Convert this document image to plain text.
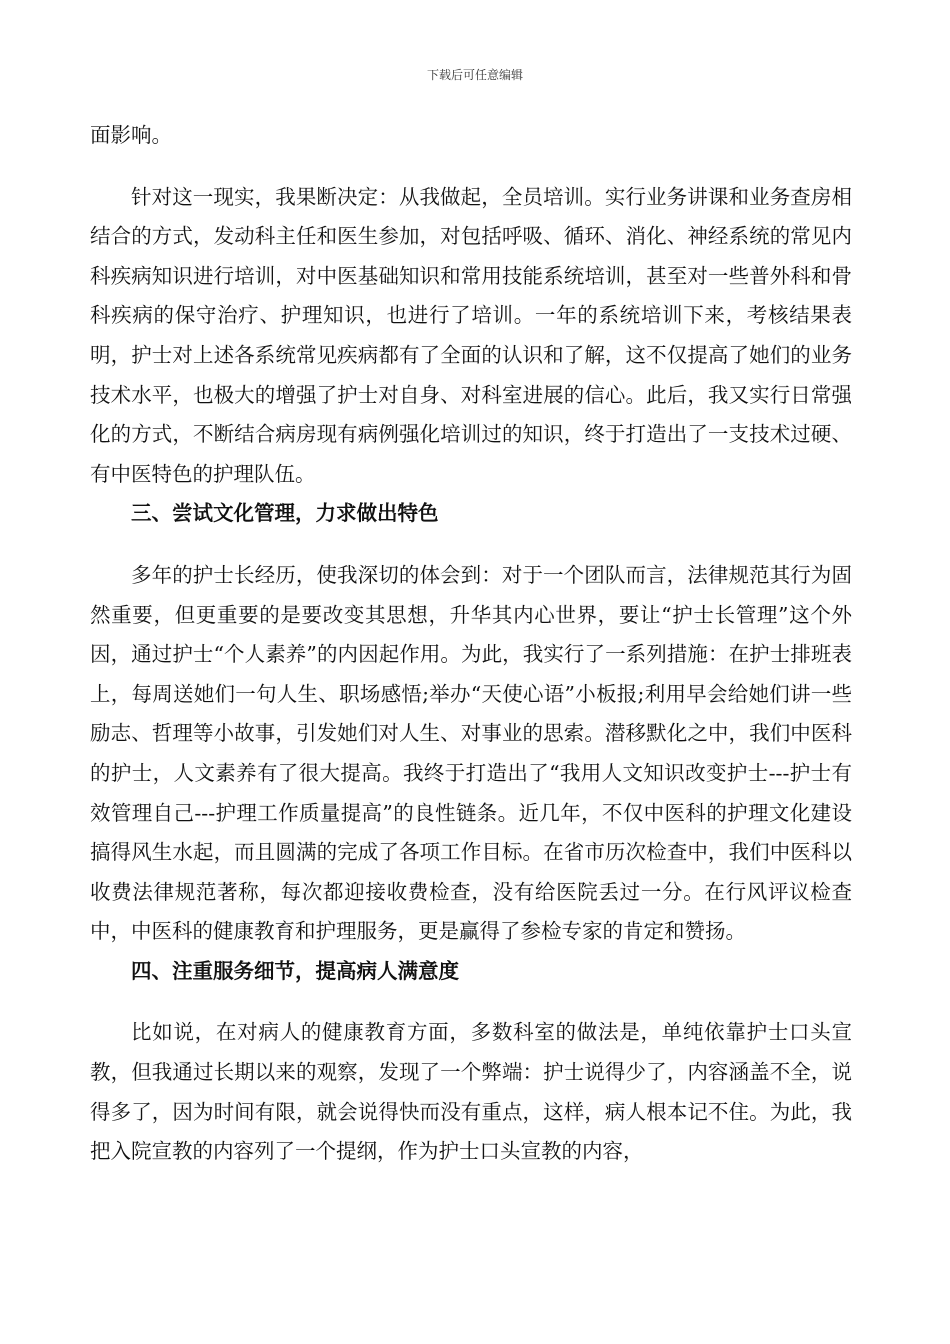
下载后可任意编辑

面影响。

针对这一现实，我果断决定：从我做起，全员培训。实行业务讲课和业务查房相结合的方式，发动科主任和医生参加，对包括呼吸、循环、消化、神经系统的常见内科疾病知识进行培训，对中医基础知识和常用技能系统培训，甚至对一些普外科和骨科疾病的保守治疗、护理知识，也进行了培训。一年的系统培训下来，考核结果表明，护士对上述各系统常见疾病都有了全面的认识和了解，这不仅提高了她们的业务技术水平，也极大的增强了护士对自身、对科室进展的信心。此后，我又实行日常强化的方式，不断结合病房现有病例强化培训过的知识，终于打造出了一支技术过硬、有中医特色的护理队伍。

三、尝试文化管理，力求做出特色

多年的护士长经历，使我深切的体会到：对于一个团队而言，法律规范其行为固然重要，但更重要的是要改变其思想，升华其内心世界，要让“护士长管理”这个外因，通过护士“个人素养”的内因起作用。为此，我实行了一系列措施：在护士排班表上，每周送她们一句人生、职场感悟;举办“天使心语”小板报;利用早会给她们讲一些励志、哲理等小故事，引发她们对人生、对事业的思索。潜移默化之中，我们中医科的护士，人文素养有了很大提高。我终于打造出了“我用人文知识改变护士---护士有效管理自己---护理工作质量提高”的良性链条。近几年，不仅中医科的护理文化建设搞得风生水起，而且圆满的完成了各项工作目标。在省市历次检查中，我们中医科以收费法律规范著称，每次都迎接收费检查，没有给医院丢过一分。在行风评议检查中，中医科的健康教育和护理服务，更是赢得了参检专家的肯定和赞扬。

四、注重服务细节，提高病人满意度

比如说，在对病人的健康教育方面，多数科室的做法是，单纯依靠护士口头宣教，但我通过长期以来的观察，发现了一个弊端：护士说得少了，内容涵盖不全，说得多了，因为时间有限，就会说得快而没有重点，这样，病人根本记不住。为此，我把入院宣教的内容列了一个提纲，作为护士口头宣教的内容，
